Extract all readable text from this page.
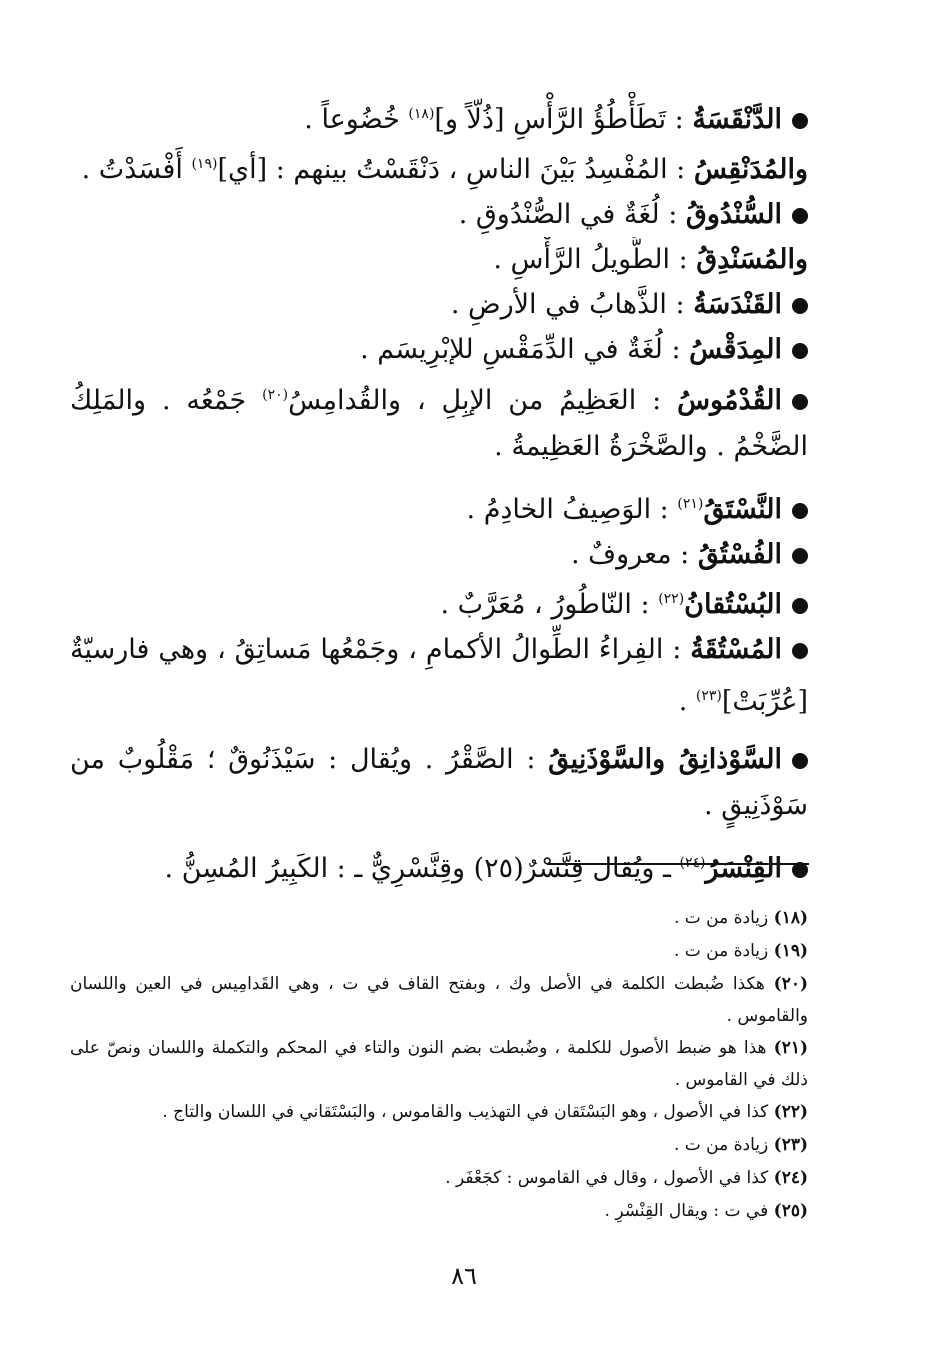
الدَّنْقَسَةُ : تَطَأْطُؤُ الرَّأْسِ [ذُلّاً و]$^{(١٨)}$ خُضُوعاً .
والمُدَنْقِسُ : المُفْسِدُ بَيْنَ الناسِ ، دَنْقَسْتُ بينهم : [أي]$^{(١٩)}$ أَفْسَدْتُ .
السُّنْدُوقُ : لُغَةٌ في الصُّنْدُوقِ .
والمُسَنْدِقُ : الطَّويلُ الرَّأْسِ .
القَنْدَسَةُ : الذَّهابُ في الأرضِ .
المِدَقْسُ : لُغَةٌ في الدِّمَقْسِ للإبْرِيسَم .
القُدْمُوسُ : العَظِيمُ من الإبِلِ ، والقُدامِسُ$^{(٢٠)}$ جَمْعُه . والمَلِكُ الضَّخْمُ . والصَّخْرَةُ العَظِيمةُ .
النَّسْتَقُ$^{(٢١)}$ : الوَصِيفُ الخادِمُ .
الفُسْتُقُ : معروفٌ .
البُسْتُقانُ$^{(٢٢)}$ : النّاطُورُ ، مُعَرَّبٌ .
المُسْتُقَةُ : الفِراءُ الطِّوالُ الأكمامِ ، وجَمْعُها مَساتِقُ ، وهي فارسيّةٌ [عُرِّبَتْ]$^{(٢٣)}$ .
السَّوْذانِقُ والسَّوْذَنِيقُ : الصَّقْرُ . ويُقال : سَيْذَنُوقٌ ؛ مَقْلُوبٌ من سَوْذَنِيقٍ .
القِنْسَرُ$^{(٢٤)}$ ـ ويُقال قِنَّسْرٌ(٢٥) وقِنَّسْرِيٌّ ـ : الكَبِيرُ المُسِنُّ .
(١٨) زيادة من ت .
(١٩) زيادة من ت .
(٢٠) هكذا ضُبطت الكلمة في الأصل وك ، وبفتح القاف في ت ، وهي القَدامِيس في العين واللسان والقاموس .
(٢١) هذا هو ضبط الأصول للكلمة ، وضُبطت بضم النون والتاء في المحكم والتكملة واللسان ونصّ على ذلك في القاموس .
(٢٢) كذا في الأصول ، وهو البَسْتَقان في التهذيب والقاموس ، والبَسْتَقاني في اللسان والتاج .
(٢٣) زيادة من ت .
(٢٤) كذا في الأصول ، وقال في القاموس : كجَعْفَر .
(٢٥) في ت : ويقال القِنْسْرِ .
٨٦
